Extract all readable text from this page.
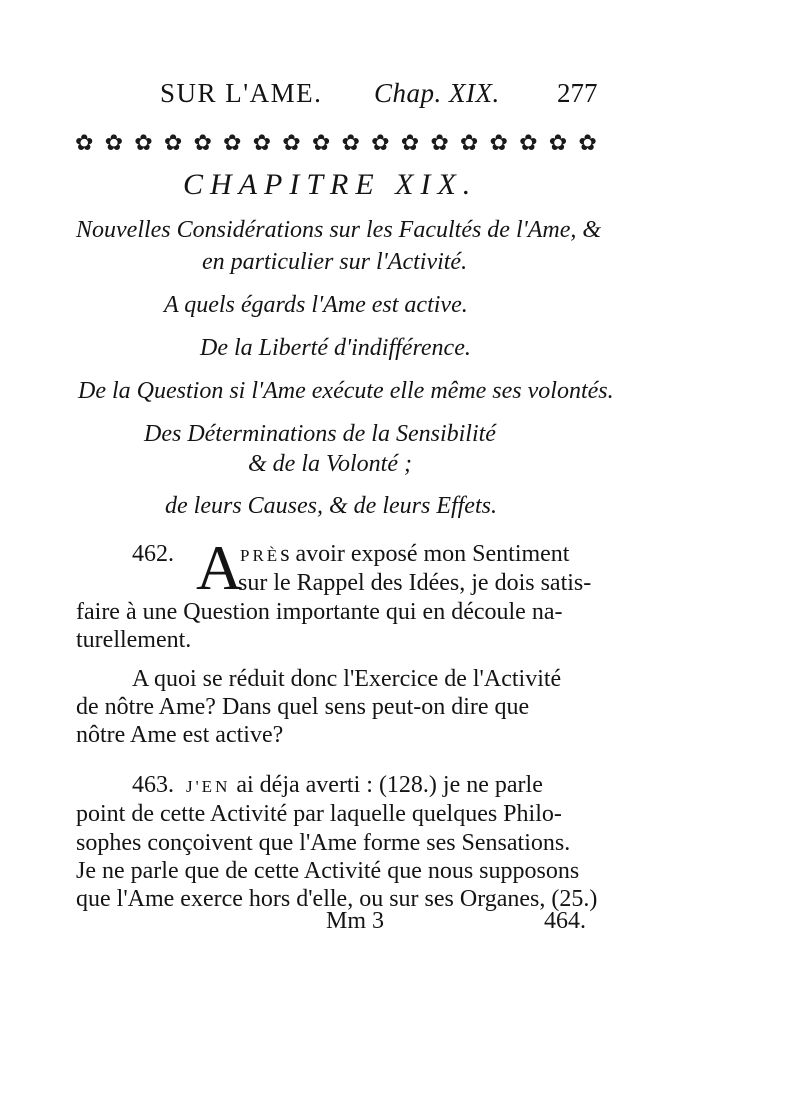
SUR L'AME. Chap. XIX. 277
✿ ✿ ✿ ✿ ✿ ✿ ✿ ✿ ✿ ✿ ✿ ✿ ✿ ✿ ✿ ✿ ✿ ✿
CHAPITRE XIX.
Nouvelles Considérations sur les Facultés de l'Ame, &
en particulier sur l'Activité.
A quels égards l'Ame est active.
De la Liberté d'indifférence.
De la Question si l'Ame exécute elle même ses volontés.
Des Déterminations de la Sensibilité
& de la Volonté ;
de leurs Causes, & de leurs Effets.
462. A
PRÈs avoir exposé mon Sentiment
sur le Rappel des Idées, je dois satis-
faire à une Question importante qui en découle na-
turellement.
A quoi se réduit donc l'Exercice de l'Activité
de nôtre Ame? Dans quel sens peut-on dire que
nôtre Ame est active?
463. J'EN ai déja averti : (128.) je ne parle
point de cette Activité par laquelle quelques Philo-
sophes conçoivent que l'Ame forme ses Sensations.
Je ne parle que de cette Activité que nous supposons
que l'Ame exerce hors d'elle, ou sur ses Organes, (25.)
Mm 3	464.
